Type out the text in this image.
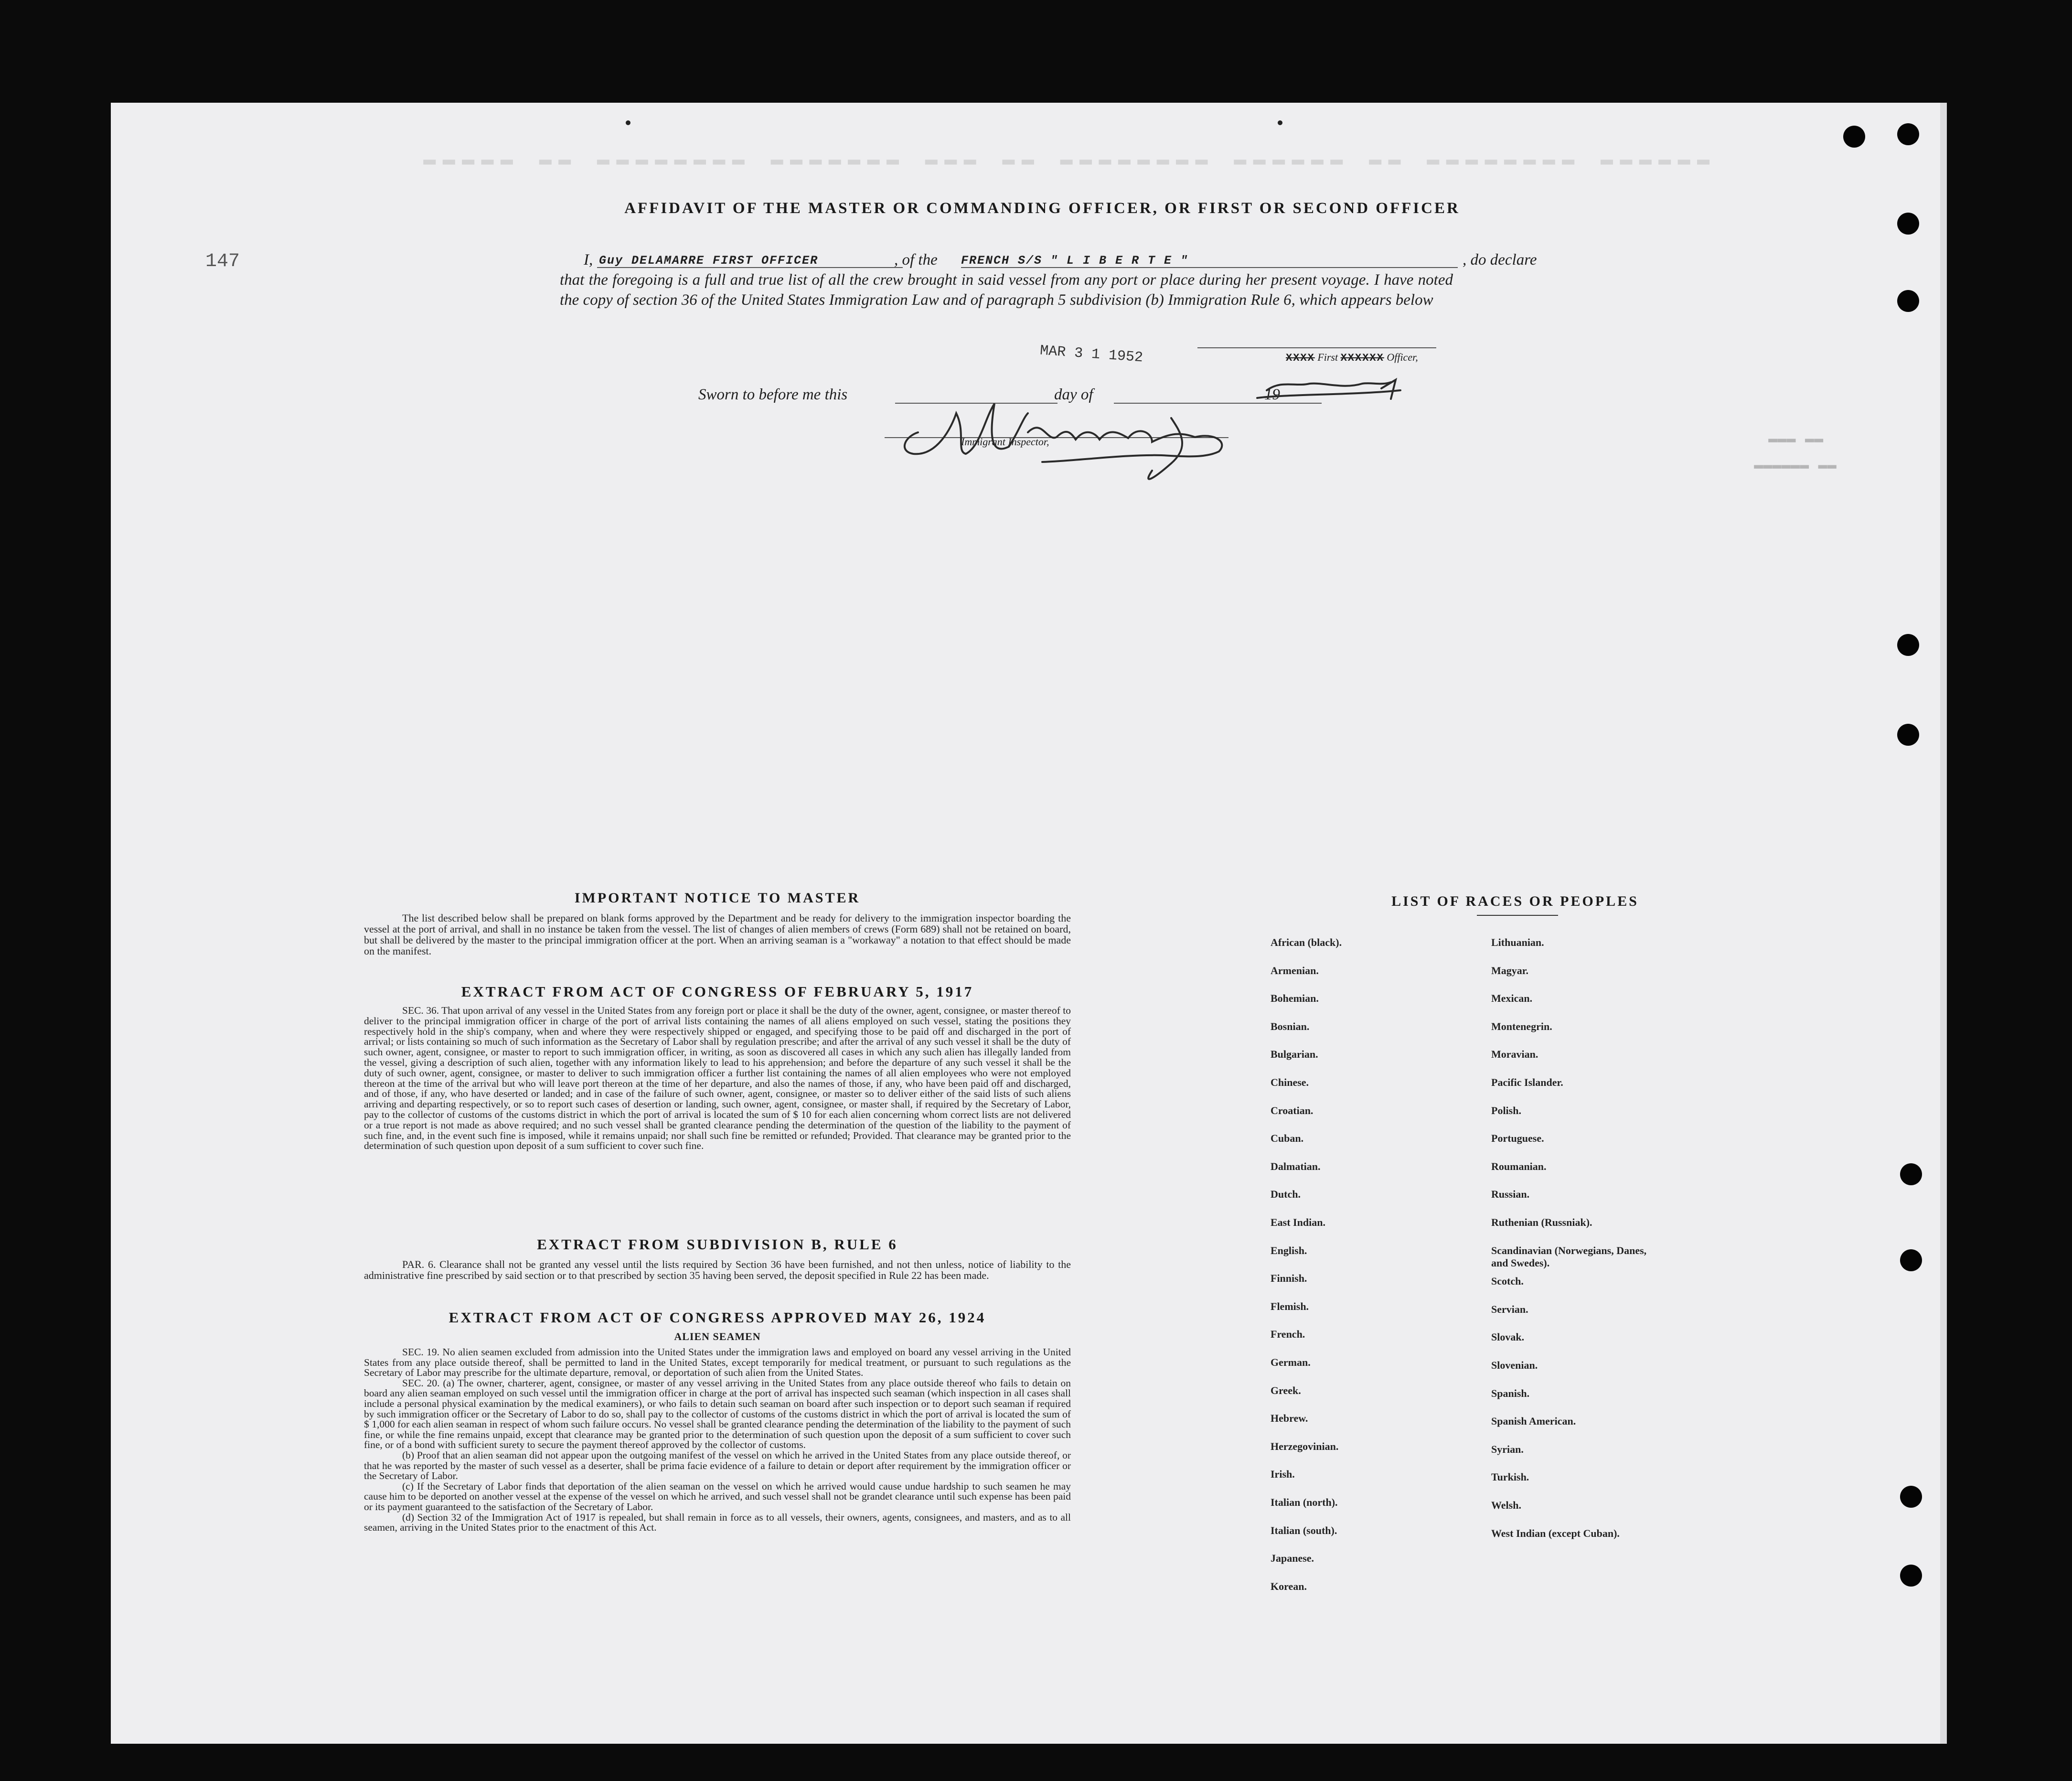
▬▬▬▬▬▬ ▬▬▬▬▬▬▬▬ ▬▬ ▬▬▬▬▬▬ ▬▬▬▬▬▬▬▬ ▬▬ ▬▬▬ ▬▬▬▬▬▬▬ ▬▬▬▬▬▬▬▬ ▬▬ ▬▬▬▬▬
147
AFFIDAVIT OF THE MASTER OR COMMANDING OFFICER, OR FIRST OR SECOND OFFICER
I, Guy DELAMARRE FIRST OFFICER	, of the FRENCH S/S " L I B E R T E "	, do declare
that the foregoing is a full and true list of all the crew brought in said vessel from any port or place during her present voyage. I have noted the copy of section 36 of the United States Immigration Law and of paragraph 5 subdivision (b) Immigration Rule 6, which appears below
MAR 3 1 1952	XXXX First XXXXXX Officer,
Sworn to before me this	day of	19
Immigrant Inspector,	▬▬ ▬▬▬
▬▬ ▬▬▬▬▬▬
IMPORTANT NOTICE TO MASTER

The list described below shall be prepared on blank forms approved by the Department and be ready for delivery to the immigration inspector boarding the vessel at the port of arrival, and shall in no instance be taken from the vessel. The list of changes of alien members of crews (Form 689) shall not be retained on board, but shall be delivered by the master to the principal immigration officer at the port. When an arriving seaman is a "workaway" a notation to that effect should be made on the manifest.

EXTRACT FROM ACT OF CONGRESS OF FEBRUARY 5, 1917

SEC. 36. That upon arrival of any vessel in the United States from any foreign port or place it shall be the duty of the owner, agent, consignee, or master thereof to deliver to the principal immigration officer in charge of the port of arrival lists containing the names of all aliens employed on such vessel, stating the positions they respectively hold in the ship's company, when and where they were respectively shipped or engaged, and specifying those to be paid off and discharged in the port of arrival; or lists containing so much of such information as the Secretary of Labor shall by regulation prescribe; and after the arrival of any such vessel it shall be the duty of such owner, agent, consignee, or master to report to such immigration officer, in writing, as soon as discovered all cases in which any such alien has illegally landed from the vessel, giving a description of such alien, together with any information likely to lead to his apprehension; and before the departure of any such vessel it shall be the duty of such owner, agent, consignee, or master to deliver to such immigration officer a further list containing the names of all alien employees who were not employed thereon at the time of the arrival but who will leave port thereon at the time of her departure, and also the names of those, if any, who have been paid off and discharged, and of those, if any, who have deserted or landed; and in case of the failure of such owner, agent, consignee, or master so to deliver either of the said lists of such aliens arriving and departing respectively, or so to report such cases of desertion or landing, such owner, agent, consignee, or master shall, if required by the Secretary of Labor, pay to the collector of customs of the customs district in which the port of arrival is located the sum of $ 10 for each alien concerning whom correct lists are not delivered or a true report is not made as above required; and no such vessel shall be granted clearance pending the determination of the question of the liability to the payment of such fine, and, in the event such fine is imposed, while it remains unpaid; nor shall such fine be remitted or refunded; Provided. That clearance may be granted prior to the determination of such question upon deposit of a sum sufficient to cover such fine.

EXTRACT FROM SUBDIVISION B, RULE 6

PAR. 6. Clearance shall not be granted any vessel until the lists required by Section 36 have been furnished, and not then unless, notice of liability to the administrative fine prescribed by said section or to that prescribed by section 35 having been served, the deposit specified in Rule 22 has been made.

EXTRACT FROM ACT OF CONGRESS APPROVED MAY 26, 1924
ALIEN SEAMEN

SEC. 19. No alien seamen excluded from admission into the United States under the immigration laws and employed on board any vessel arriving in the United States from any place outside thereof, shall be permitted to land in the United States, except temporarily for medical treatment, or pursuant to such regulations as the Secretary of Labor may prescribe for the ultimate departure, removal, or deportation of such alien from the United States.

SEC. 20. (a) The owner, charterer, agent, consignee, or master of any vessel arriving in the United States from any place outside thereof who fails to detain on board any alien seaman employed on such vessel until the immigration officer in charge at the port of arrival has inspected such seaman (which inspection in all cases shall include a personal physical examination by the medical examiners), or who fails to detain such seaman on board after such inspection or to deport such seaman if required by such immigration officer or the Secretary of Labor to do so, shall pay to the collector of customs of the customs district in which the port of arrival is located the sum of $ 1,000 for each alien seaman in respect of whom such failure occurs. No vessel shall be granted clearance pending the determination of the liability to the payment of such fine, or while the fine remains unpaid, except that clearance may be granted prior to the determination of such question upon the deposit of a sum sufficient to cover such fine, or of a bond with sufficient surety to secure the payment thereof approved by the collector of customs.

(b) Proof that an alien seaman did not appear upon the outgoing manifest of the vessel on which he arrived in the United States from any place outside thereof, or that he was reported by the master of such vessel as a deserter, shall be prima facie evidence of a failure to detain or deport after requirement by the immigration officer or the Secretary of Labor.

(c) If the Secretary of Labor finds that deportation of the alien seaman on the vessel on which he arrived would cause undue hardship to such seamen he may cause him to be deported on another vessel at the expense of the vessel on which he arrived, and such vessel shall not be grandet clearance until such expense has been paid or its payment guaranteed to the satisfaction of the Secretary of Labor.

(d) Section 32 of the Immigration Act of 1917 is repealed, but shall remain in force as to all vessels, their owners, agents, consignees, and masters, and as to all seamen, arriving in the United States prior to the enactment of this Act.

LIST OF RACES OR PEOPLES
African (black).
Armenian.
Bohemian.
Bosnian.
Bulgarian.
Chinese.
Croatian.
Cuban.
Dalmatian.
Dutch.
East Indian.
English.
Finnish.
Flemish.
French.
German.
Greek.
Hebrew.
Herzegovinian.
Irish.
Italian (north).
Italian (south).
Japanese.
Korean.
Lithuanian.
Magyar.
Mexican.
Montenegrin.
Moravian.
Pacific Islander.
Polish.
Portuguese.
Roumanian.
Russian.
Ruthenian (Russniak).
Scandinavian (Norwegians, Danes, and Swedes).
Scotch.
Servian.
Slovak.
Slovenian.
Spanish.
Spanish American.
Syrian.
Turkish.
Welsh.
West Indian (except Cuban).
